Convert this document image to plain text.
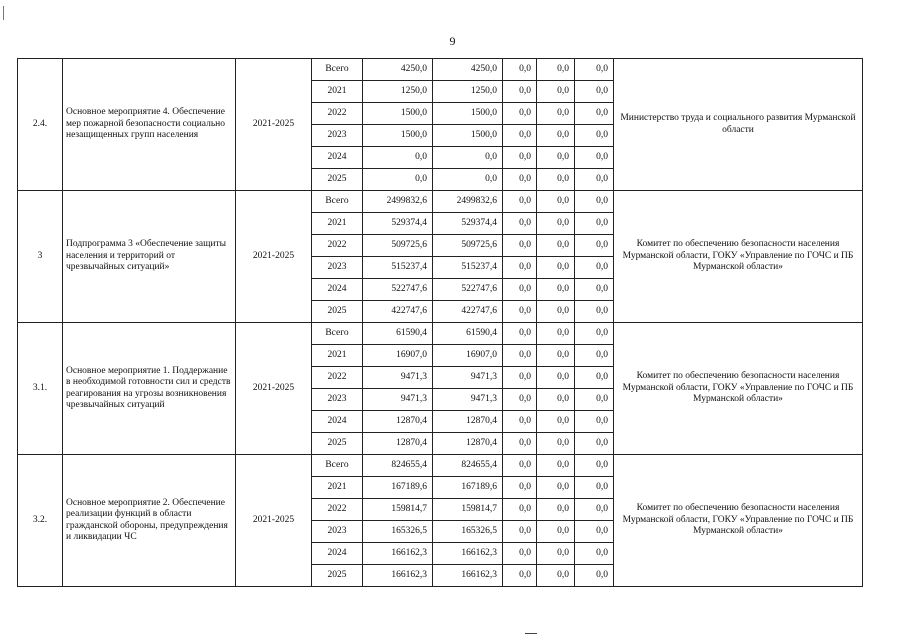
9
2.4.	Основное мероприятие 4. Обеспечение мер пожарной безопасности социально незащищенных групп населения	2021-2025	Всего	4250,0	4250,0	0,0	0,0	0,0	Министерство труда и социального развития Мурманской области
			2021	1250,0	1250,0	0,0	0,0	0,0	
			2022	1500,0	1500,0	0,0	0,0	0,0	
			2023	1500,0	1500,0	0,0	0,0	0,0	
			2024	0,0	0,0	0,0	0,0	0,0	
			2025	0,0	0,0	0,0	0,0	0,0	
3	Подпрограмма 3 «Обеспечение защиты населения и территорий от чрезвычайных ситуаций»	2021-2025	Всего	2499832,6	2499832,6	0,0	0,0	0,0	Комитет по обеспечению безопасности населения Мурманской области, ГОКУ «Управление по ГОЧС и ПБ Мурманской области»
			2021	529374,4	529374,4	0,0	0,0	0,0	
			2022	509725,6	509725,6	0,0	0,0	0,0	
			2023	515237,4	515237,4	0,0	0,0	0,0	
			2024	522747,6	522747,6	0,0	0,0	0,0	
			2025	422747,6	422747,6	0,0	0,0	0,0	
3.1.	Основное мероприятие 1. Поддержание в необходимой готовности сил и средств реагирования на угрозы возникновения чрезвычайных ситуаций	2021-2025	Всего	61590,4	61590,4	0,0	0,0	0,0	Комитет по обеспечению безопасности населения Мурманской области, ГОКУ «Управление по ГОЧС и ПБ Мурманской области»
			2021	16907,0	16907,0	0,0	0,0	0,0	
			2022	9471,3	9471,3	0,0	0,0	0,0	
			2023	9471,3	9471,3	0,0	0,0	0,0	
			2024	12870,4	12870,4	0,0	0,0	0,0	
			2025	12870,4	12870,4	0,0	0,0	0,0	
3.2.	Основное мероприятие 2. Обеспечение реализации функций в области гражданской обороны, предупреждения и ликвидации ЧС	2021-2025	Всего	824655,4	824655,4	0,0	0,0	0,0	Комитет по обеспечению безопасности населения Мурманской области, ГОКУ «Управление по ГОЧС и ПБ Мурманской области»
			2021	167189,6	167189,6	0,0	0,0	0,0	
			2022	159814,7	159814,7	0,0	0,0	0,0	
			2023	165326,5	165326,5	0,0	0,0	0,0	
			2024	166162,3	166162,3	0,0	0,0	0,0	
			2025	166162,3	166162,3	0,0	0,0	0,0	
